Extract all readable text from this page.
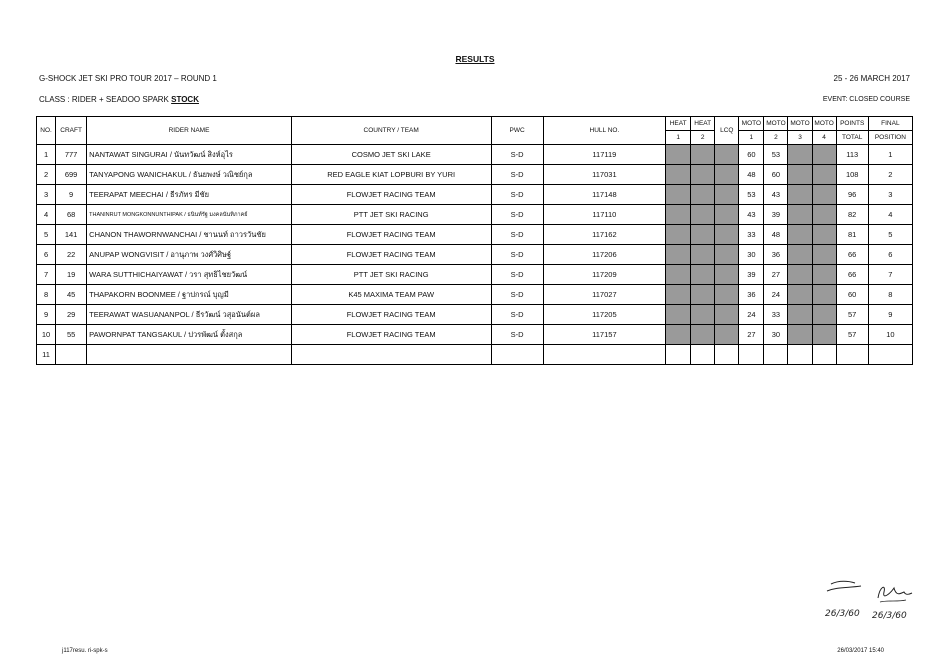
RESULTS
G-SHOCK JET SKI PRO TOUR 2017 – ROUND 1	25 - 26 MARCH 2017
CLASS : RIDER + SEADOO SPARK STOCK	EVENT: CLOSED COURSE
NO.	CRAFT	RIDER NAME	COUNTRY / TEAM	PWC	HULL NO.	HEAT	HEAT	LCQ	MOTO	MOTO	MOTO	MOTO	POINTS	FINAL
						1	2		1	2	3	4	TOTAL	POSITION
1	777	NANTAWAT SINGURAI / นันทวัฒน์ สิงห์อุไร	COSMO JET SKI LAKE	S-D	117119				60	53			113	1
2	699	TANYAPONG WANICHAKUL / ธันยพงษ์ วณิชย์กุล	RED EAGLE KIAT LOPBURI BY YURI	S-D	117031				48	60			108	2
3	9	TEERAPAT MEECHAI / ธีรภัทร มีชัย	FLOWJET RACING TEAM	S-D	117148				53	43			96	3
4	68	THANINRUT MONGKONNUNTHIPAK / ธนินท์รัฐ มงคลนันทิภาคย์	PTT JET SKI RACING	S-D	117110				43	39			82	4
5	141	CHANON THAWORNWANCHAI / ชานนท์ ถาวรวันชัย	FLOWJET RACING TEAM	S-D	117162				33	48			81	5
6	22	ANUPAP WONGVISIT / อานุภาพ วงศ์วิศิษฐ์	FLOWJET RACING TEAM	S-D	117206				30	36			66	6
7	19	WARA SUTTHICHAIYAWAT / วรา สุทธิไชยวัฒน์	PTT JET SKI RACING	S-D	117209				39	27			66	7
8	45	THAPAKORN BOONMEE / ฐาปกรณ์ บุญมี	K45 MAXIMA TEAM PAW	S-D	117027				36	24			60	8
9	29	TEERAWAT WASUANANPOL / ธีรวัฒน์ วสุอนันต์ผล	FLOWJET RACING TEAM	S-D	117205				24	33			57	9
10	55	PAWORNPAT TANGSAKUL / ปวรพัฒน์ ตั้งสกุล	FLOWJET RACING TEAM	S-D	117157				27	30			57	10
11														
26/3/60 26/3/60
j117resu. ri-spk-s	26/03/2017 15:40
